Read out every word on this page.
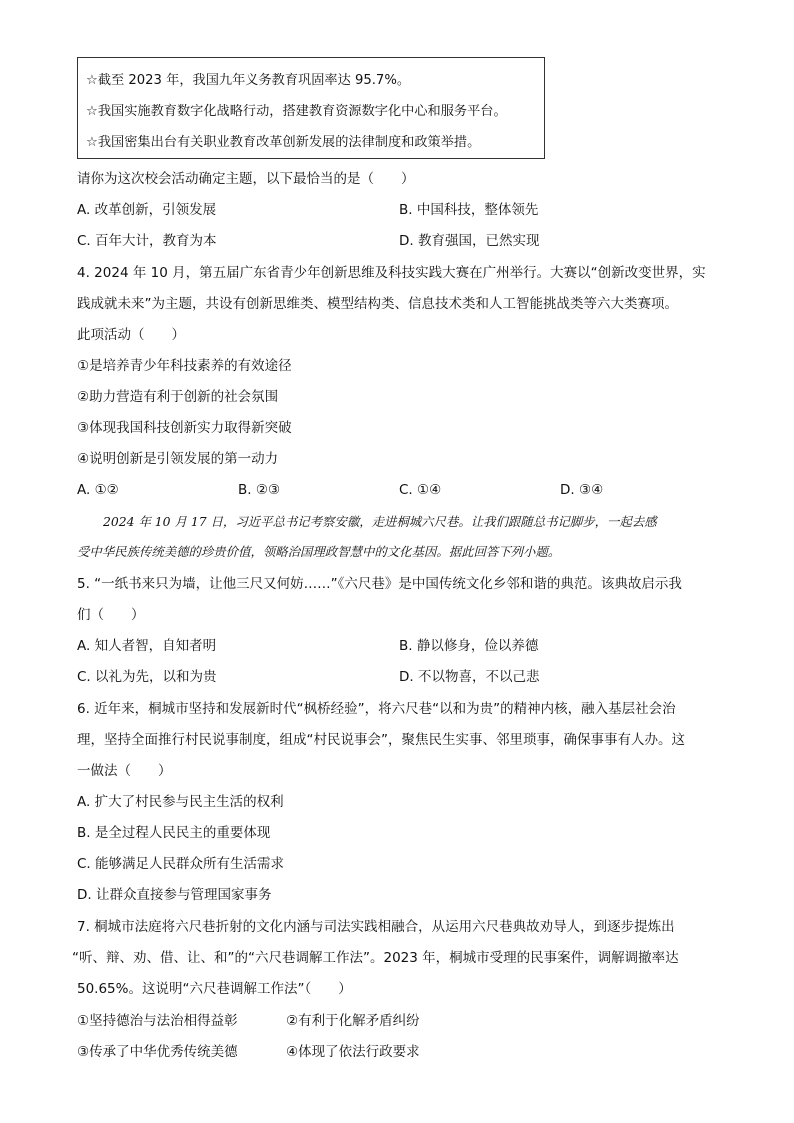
☆截至 2023 年，我国九年义务教育巩固率达 95.7%。
☆我国实施教育数字化战略行动，搭建教育资源数字化中心和服务平台。
☆我国密集出台有关职业教育改革创新发展的法律制度和政策举措。
请你为这次校会活动确定主题，以下最恰当的是（　　）
A. 改革创新，引领发展	B. 中国科技，整体领先
C. 百年大计，教育为本	D. 教育强国，已然实现
4. 2024 年 10 月，第五届广东省青少年创新思维及科技实践大赛在广州举行。大赛以“创新改变世界，实
践成就未来”为主题，共设有创新思维类、模型结构类、信息技术类和人工智能挑战类等六大类赛项。
此项活动（　　）
①是培养青少年科技素养的有效途径
②助力营造有利于创新的社会氛围
③体现我国科技创新实力取得新突破
④说明创新是引领发展的第一动力
A. ①②	B. ②③	C. ①④	D. ③④
2024 年 10 月 17 日，习近平总书记考察安徽，走进桐城六尺巷。让我们跟随总书记脚步，一起去感
受中华民族传统美德的珍贵价值，领略治国理政智慧中的文化基因。据此回答下列小题。
5. “一纸书来只为墙，让他三尺又何妨……”《六尺巷》是中国传统文化乡邻和谐的典范。该典故启示我
们（　　）
A. 知人者智，自知者明	B. 静以修身，俭以养德
C. 以礼为先，以和为贵	D. 不以物喜，不以己悲
6. 近年来，桐城市坚持和发展新时代“枫桥经验”，将六尺巷“以和为贵”的精神内核，融入基层社会治
理，坚持全面推行村民说事制度，组成“村民说事会”，聚焦民生实事、邻里琐事，确保事事有人办。这
一做法（　　）
A. 扩大了村民参与民主生活的权利
B. 是全过程人民民主的重要体现
C. 能够满足人民群众所有生活需求
D. 让群众直接参与管理国家事务
7. 桐城市法庭将六尺巷折射的文化内涵与司法实践相融合，从运用六尺巷典故劝导人，到逐步提炼出
“听、辩、劝、借、让、和”的“六尺巷调解工作法”。2023 年，桐城市受理的民事案件，调解调撤率达
50.65%。这说明“六尺巷调解工作法”（　　）
①坚持德治与法治相得益彰	②有利于化解矛盾纠纷
③传承了中华优秀传统美德	④体现了依法行政要求
